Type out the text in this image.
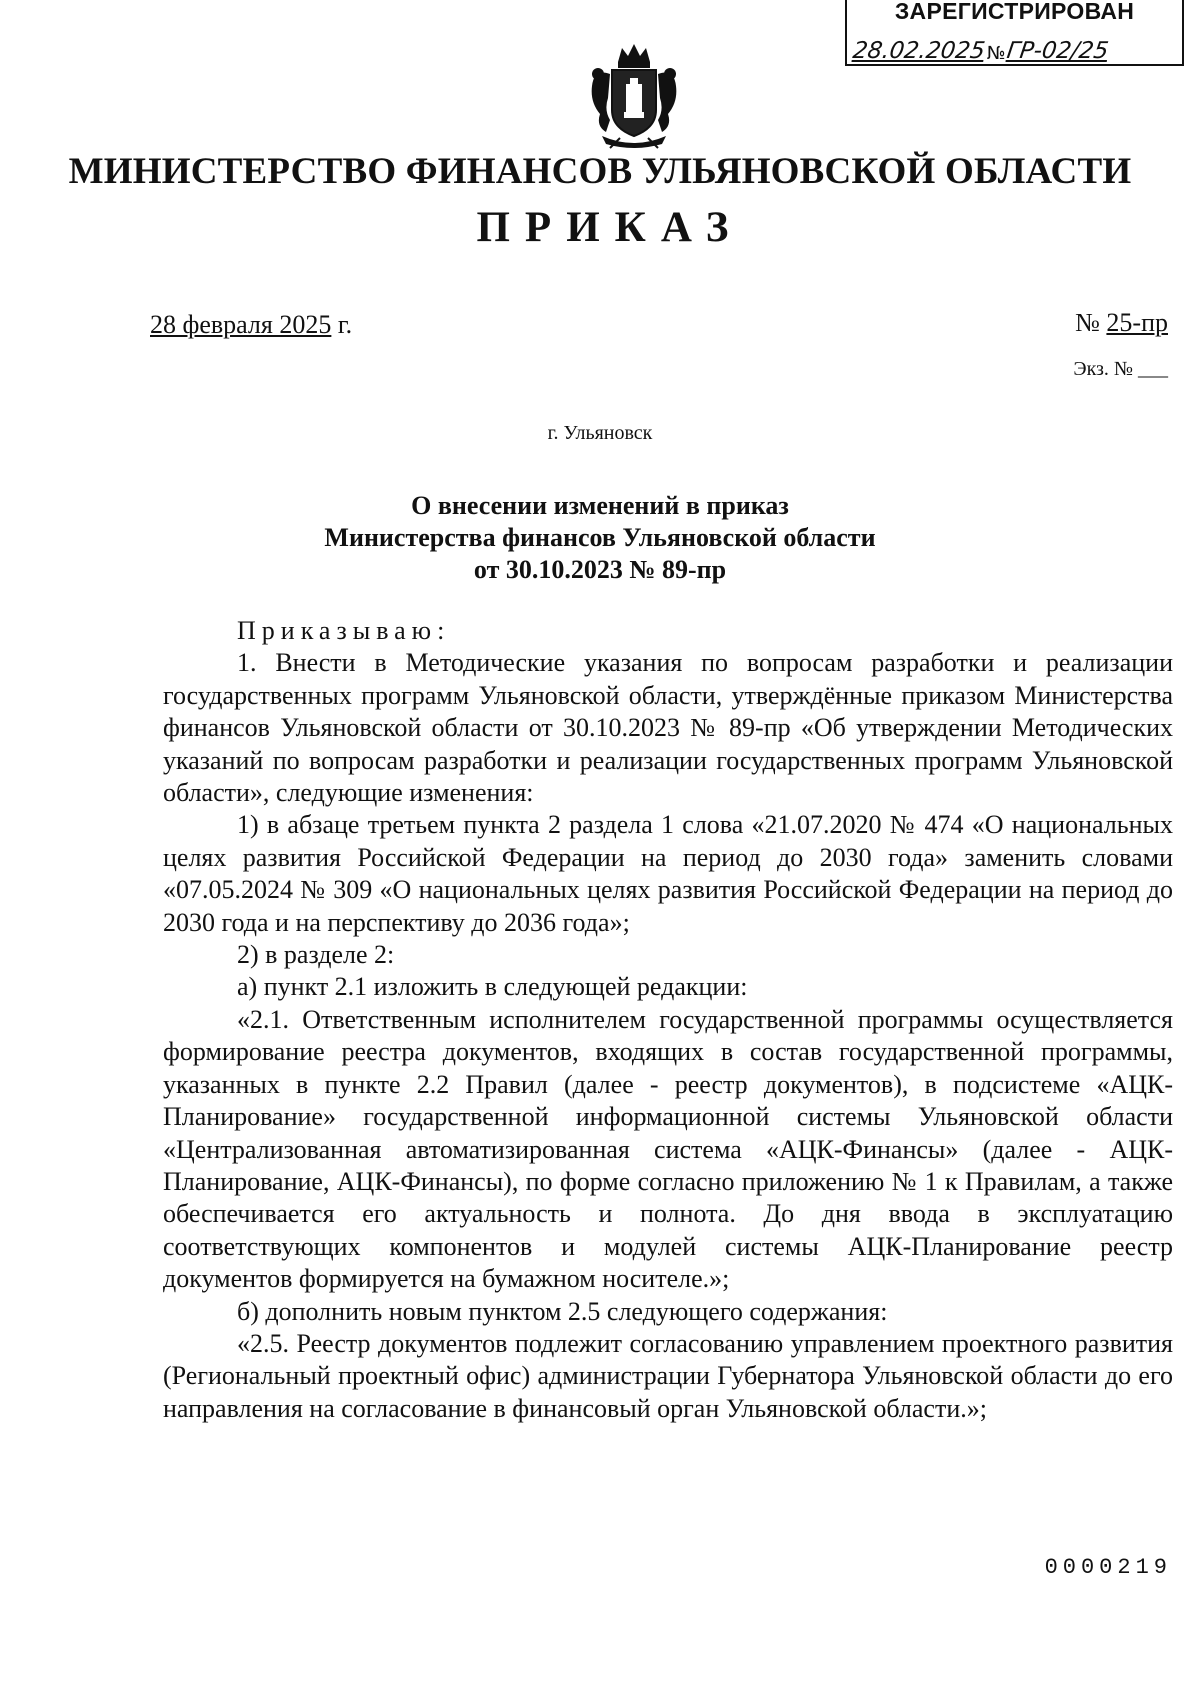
ЗАРЕГИСТРИРОВАН
28.02.2025 № ГР-02/25
МИНИСТЕРСТВО ФИНАНСОВ УЛЬЯНОВСКОЙ ОБЛАСТИ
ПРИКАЗ
28 февраля 2025 г.	№ 25-пр
Экз. № ___
г. Ульяновск
О внесении изменений в приказ
Министерства финансов Ульяновской области
от 30.10.2023 № 89-пр

Приказываю:

1. Внести в Методические указания по вопросам разработки и реализации государственных программ Ульяновской области, утверждённые приказом Министерства финансов Ульяновской области от 30.10.2023 № 89-пр «Об утверждении Методических указаний по вопросам разработки и реализации государственных программ Ульяновской области», следующие изменения:

1) в абзаце третьем пункта 2 раздела 1 слова «21.07.2020 № 474 «О национальных целях развития Российской Федерации на период до 2030 года» заменить словами «07.05.2024 № 309 «О национальных целях развития Российской Федерации на период до 2030 года и на перспективу до 2036 года»;

2) в разделе 2:

а) пункт 2.1 изложить в следующей редакции:

«2.1. Ответственным исполнителем государственной программы осуществляется формирование реестра документов, входящих в состав государственной программы, указанных в пункте 2.2 Правил (далее - реестр документов), в подсистеме «АЦК-Планирование» государственной информационной системы Ульяновской области «Централизованная автоматизированная система «АЦК-Финансы» (далее - АЦК-Планирование, АЦК-Финансы), по форме согласно приложению № 1 к Правилам, а также обеспечивается его актуальность и полнота. До дня ввода в эксплуатацию соответствующих компонентов и модулей системы АЦК-Планирование реестр документов формируется на бумажном носителе.»;

б) дополнить новым пунктом 2.5 следующего содержания:

«2.5. Реестр документов подлежит согласованию управлением проектного развития (Региональный проектный офис) администрации Губернатора Ульяновской области до его направления на согласование в финансовый орган Ульяновской области.»;

0000219
